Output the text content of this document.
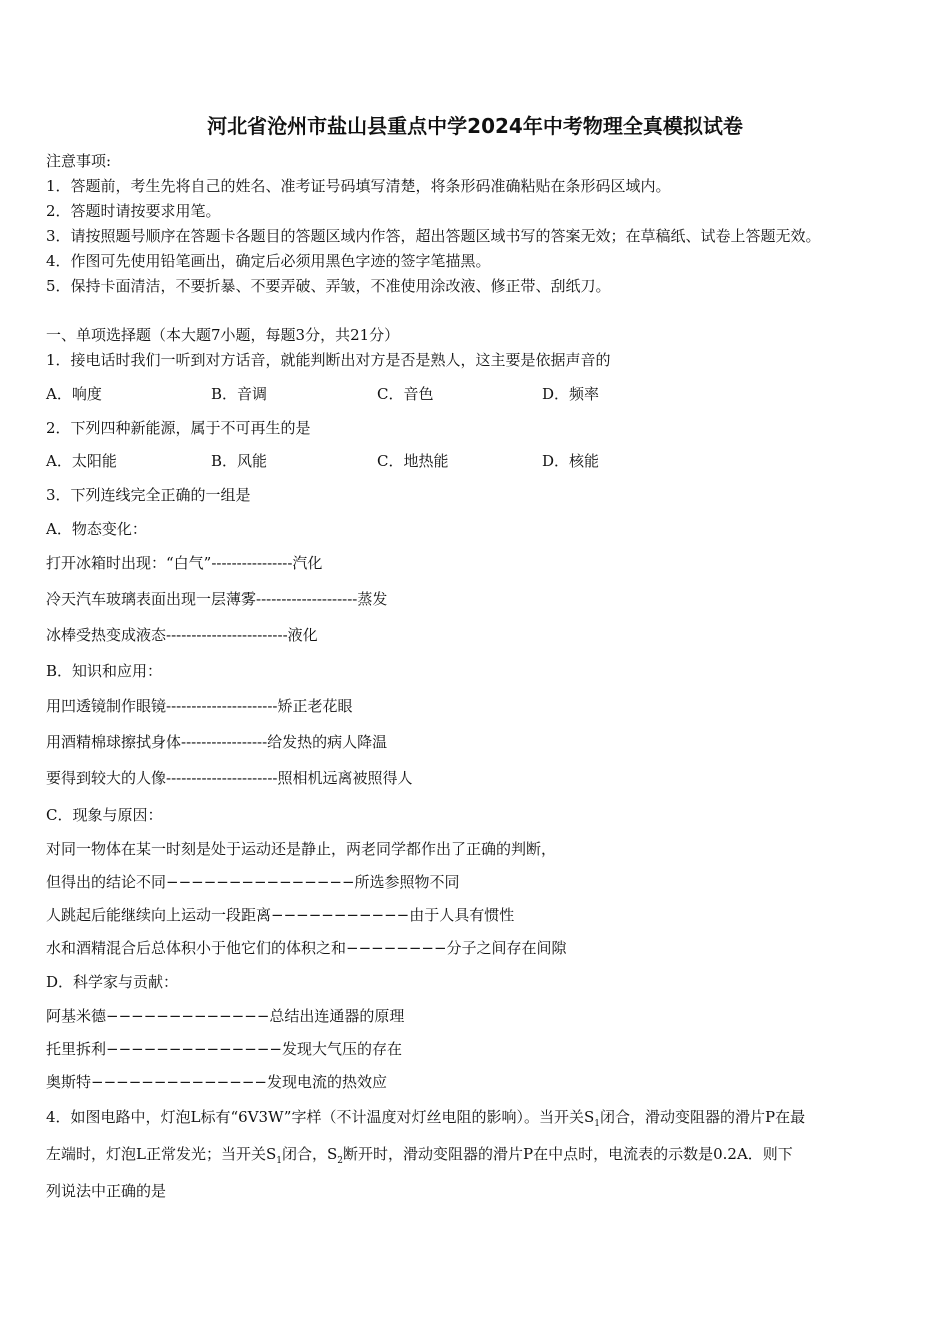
河北省沧州市盐山县重点中学2024年中考物理全真模拟试卷
注意事项:
1．答题前，考生先将自己的姓名、准考证号码填写清楚，将条形码准确粘贴在条形码区域内。
2．答题时请按要求用笔。
3．请按照题号顺序在答题卡各题目的答题区域内作答，超出答题区域书写的答案无效；在草稿纸、试卷上答题无效。
4．作图可先使用铅笔画出，确定后必须用黑色字迹的签字笔描黑。
5．保持卡面清洁，不要折暴、不要弄破、弄皱，不准使用涂改液、修正带、刮纸刀。
一、单项选择题（本大题7小题，每题3分，共21分）
1．接电话时我们一听到对方话音，就能判断出对方是否是熟人，这主要是依据声音的
A．响度	B．音调	C．音色	D．频率
2．下列四种新能源，属于不可再生的是
A．太阳能	B．风能	C．地热能	D．核能
3．下列连线完全正确的一组是
A．物态变化：
打开冰箱时出现：“白气”----------------汽化
冷天汽车玻璃表面出现一层薄雾--------------------蒸发
冰棒受热变成液态------------------------液化
B．知识和应用：
用凹透镜制作眼镜----------------------矫正老花眼
用酒精棉球擦拭身体-----------------给发热的病人降温
要得到较大的人像----------------------照相机远离被照得人
C．现象与原因：
对同一物体在某一时刻是处于运动还是静止，两老同学都作出了正确的判断，
但得出的结论不同−−−−−−−−−−−−−−−所选参照物不同
人跳起后能继续向上运动一段距离−−−−−−−−−−−由于人具有惯性
水和酒精混合后总体积小于他它们的体积之和−−−−−−−−分子之间存在间隙
D．科学家与贡献：
阿基米德−−−−−−−−−−−−−总结出连通器的原理
托里拆利−−−−−−−−−−−−−−发现大气压的存在
奥斯特−−−−−−−−−−−−−−发现电流的热效应
4．如图电路中，灯泡L标有“6V3W”字样（不计温度对灯丝电阻的影响）。当开关$S_1$闭合，滑动变阻器的滑片P在最
左端时，灯泡L正常发光；当开关$S_1$闭合，$S_2$断开时，滑动变阻器的滑片P在中点时，电流表的示数是0.2A．则下
列说法中正确的是
